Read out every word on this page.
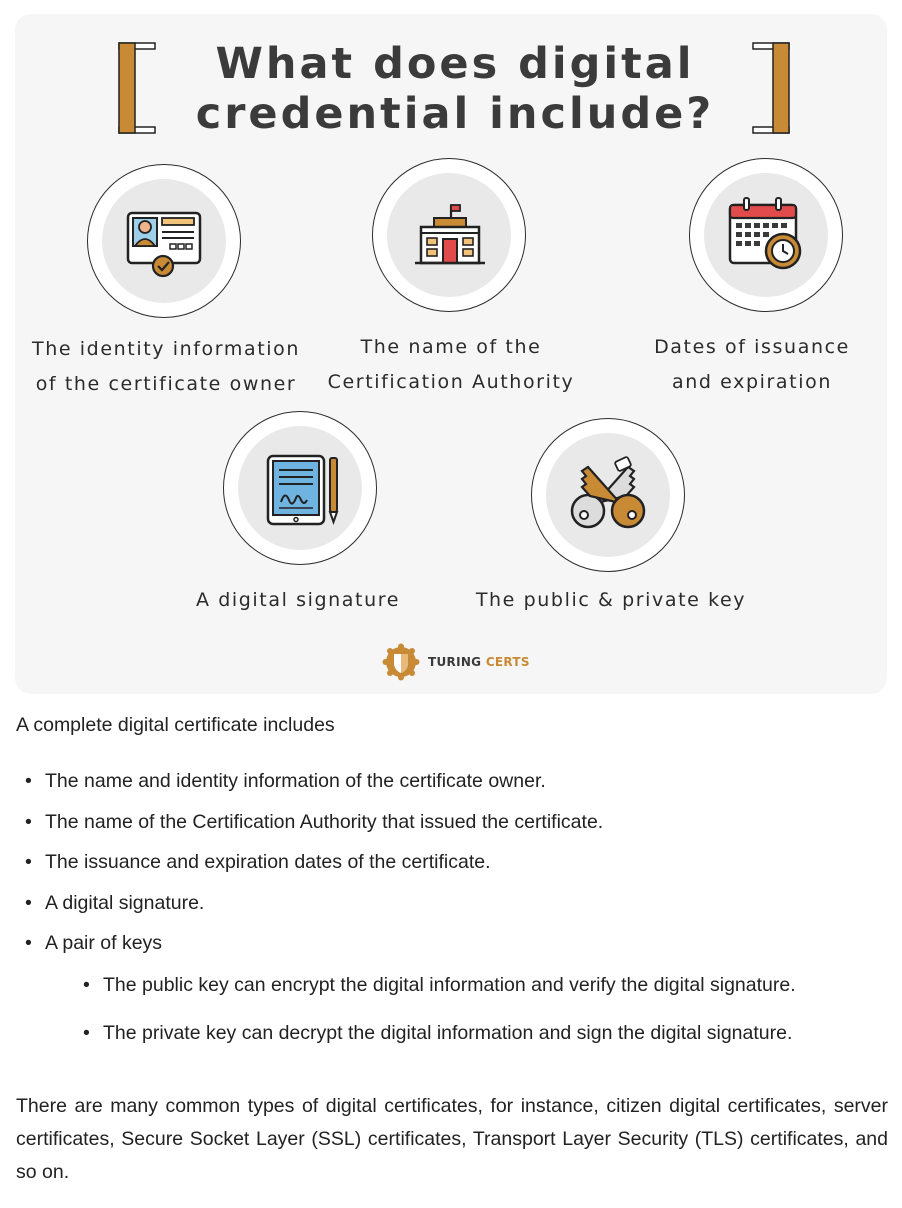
What does digital
credential include?
The identity information
of the certificate owner
The name of the
Certification Authority
Dates of issuance
and expiration
A digital signature	The public & private key
TURING CERTS

A complete digital certificate includes

• The name and identity information of the certificate owner.
• The name of the Certification Authority that issued the certificate.
• The issuance and expiration dates of the certificate.
• A digital signature.
• A pair of keys
• The public key can encrypt the digital information and verify the digital signature.
• The private key can decrypt the digital information and sign the digital signature.

There are many common types of digital certificates, for instance, citizen digital certificates, server certificates, Secure Socket Layer (SSL) certificates, Transport Layer Security (TLS) certificates, and so on.
